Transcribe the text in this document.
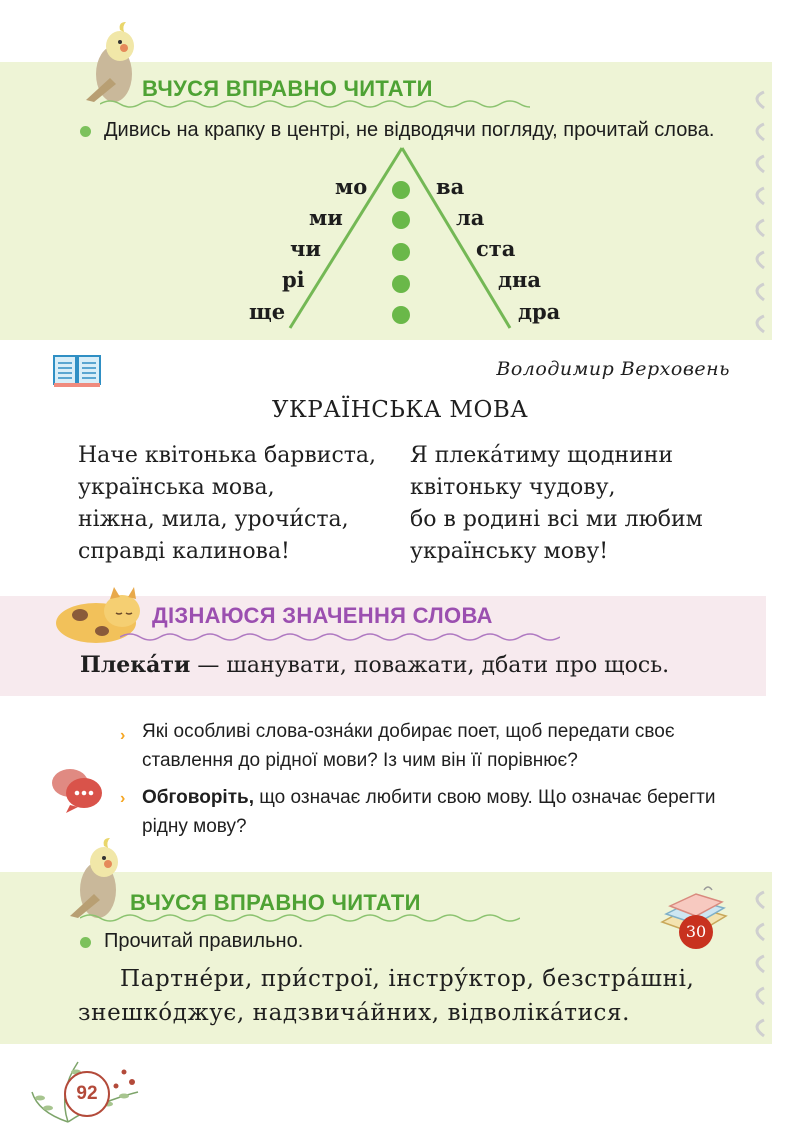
ВЧУСЯ ВПРАВНО ЧИТАТИ
Дивись на крапку в центрі, не відводячи погляду, прочитай слова.
мо
ми
чи
рі
ще
ва
ла
ста
дна
дра
Володимир Верховень
УКРАЇНСЬКА МОВА
Наче квітонька барвиста,
українська мова,
ніжна, мила, урочи́ста,
справді калинова!
Я плека́тиму щоднини
квітоньку чудову,
бо в родині всі ми любим
українську мову!
ДІЗНАЮСЯ ЗНАЧЕННЯ СЛОВА
Плека́ти — шанувати, поважати, дбати про щось.
› Які особливі слова-озна́ки добирає поет, щоб передати своє ставлення до рідної мови? Із чим він її порівнює?
› Обговоріть, що означає любити свою мову. Що означає берегти рідну мову?
ВЧУСЯ ВПРАВНО ЧИТАТИ
30
Прочитай правильно.
Партне́ри, при́строї, інстру́ктор, безстра́шні,
знешко́джує, надзвича́йних, відволіка́тися.
92
